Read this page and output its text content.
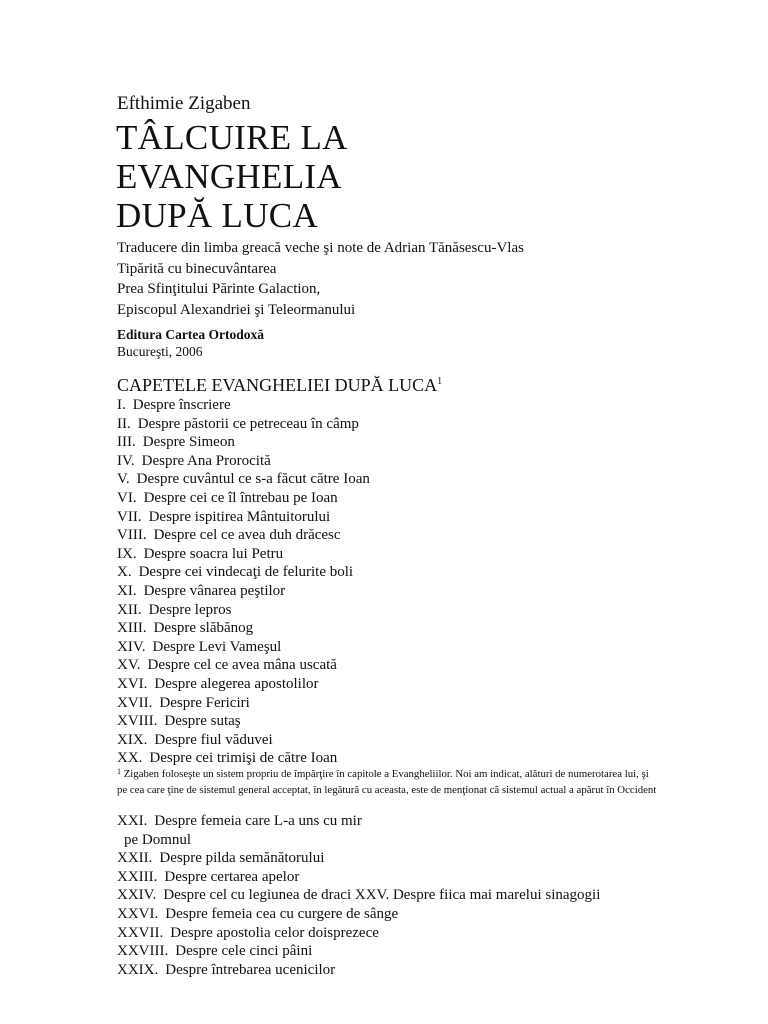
Efthimie Zigaben
TÂLCUIRE LA
EVANGHELIA
DUPĂ LUCA
Traducere din limba greacă veche şi note de Adrian Tănăsescu-Vlas
Tipărită cu binecuvântarea
Prea Sfinţitului Părinte Galaction,
Episcopul Alexandriei şi Teleormanului
Editura Cartea Ortodoxă
Bucureşti, 2006
CAPETELE EVANGHELIEI DUPĂ LUCA$^1$
I. Despre înscriere
II. Despre păstorii ce petreceau în câmp
III. Despre Simeon
IV. Despre Ana Prorocită
V. Despre cuvântul ce s-a făcut către Ioan
VI. Despre cei ce îl întrebau pe Ioan
VII. Despre ispitirea Mântuitorului
VIII. Despre cel ce avea duh drăcesc
IX. Despre soacra lui Petru
X. Despre cei vindecaţi de felurite boli
XI. Despre vânarea peştilor
XII. Despre lepros
XIII. Despre slăbănog
XIV. Despre Levi Vameşul
XV. Despre cel ce avea mâna uscată
XVI. Despre alegerea apostolilor
XVII. Despre Fericiri
XVIII. Despre sutaş
XIX. Despre fiul văduvei
XX. Despre cei trimişi de către Ioan
$^1$ Zigaben foloseşte un sistem propriu de împărţire în capitole a Evangheliilor. Noi am indicat, alături de numerotarea lui, şi pe cea care ţine de sistemul general acceptat, în legătură cu aceasta, este de menţionat că sistemul actual a apărut în Occident
XXI. Despre femeia care L-a uns cu mir
pe Domnul
XXII. Despre pilda semănătorului
XXIII. Despre certarea apelor
XXIV. Despre cel cu legiunea de draci XXV. Despre fiica mai marelui sinagogii
XXVI. Despre femeia cea cu curgere de sânge
XXVII. Despre apostolia celor doisprezece
XXVIII. Despre cele cinci pâini
XXIX. Despre întrebarea ucenicilor
